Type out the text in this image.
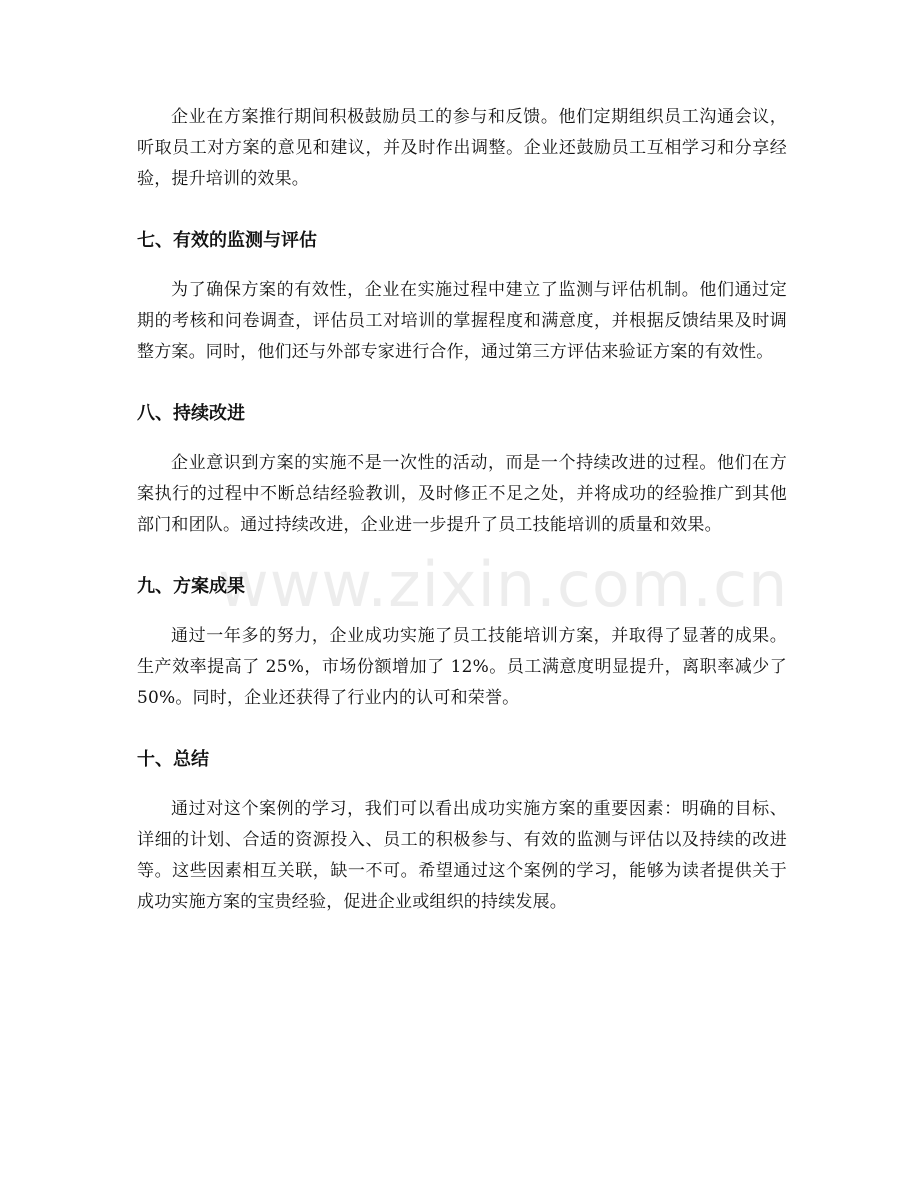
企业在方案推行期间积极鼓励员工的参与和反馈。他们定期组织员工沟通会议，听取员工对方案的意见和建议，并及时作出调整。企业还鼓励员工互相学习和分享经验，提升培训的效果。

七、有效的监测与评估

为了确保方案的有效性，企业在实施过程中建立了监测与评估机制。他们通过定期的考核和问卷调查，评估员工对培训的掌握程度和满意度，并根据反馈结果及时调整方案。同时，他们还与外部专家进行合作，通过第三方评估来验证方案的有效性。

八、持续改进

企业意识到方案的实施不是一次性的活动，而是一个持续改进的过程。他们在方案执行的过程中不断总结经验教训，及时修正不足之处，并将成功的经验推广到其他部门和团队。通过持续改进，企业进一步提升了员工技能培训的质量和效果。

九、方案成果

通过一年多的努力，企业成功实施了员工技能培训方案，并取得了显著的成果。生产效率提高了 25%，市场份额增加了 12%。员工满意度明显提升，离职率减少了 50%。同时，企业还获得了行业内的认可和荣誉。

十、总结

通过对这个案例的学习，我们可以看出成功实施方案的重要因素：明确的目标、详细的计划、合适的资源投入、员工的积极参与、有效的监测与评估以及持续的改进等。这些因素相互关联，缺一不可。希望通过这个案例的学习，能够为读者提供关于成功实施方案的宝贵经验，促进企业或组织的持续发展。

www.zixin.com.cn
